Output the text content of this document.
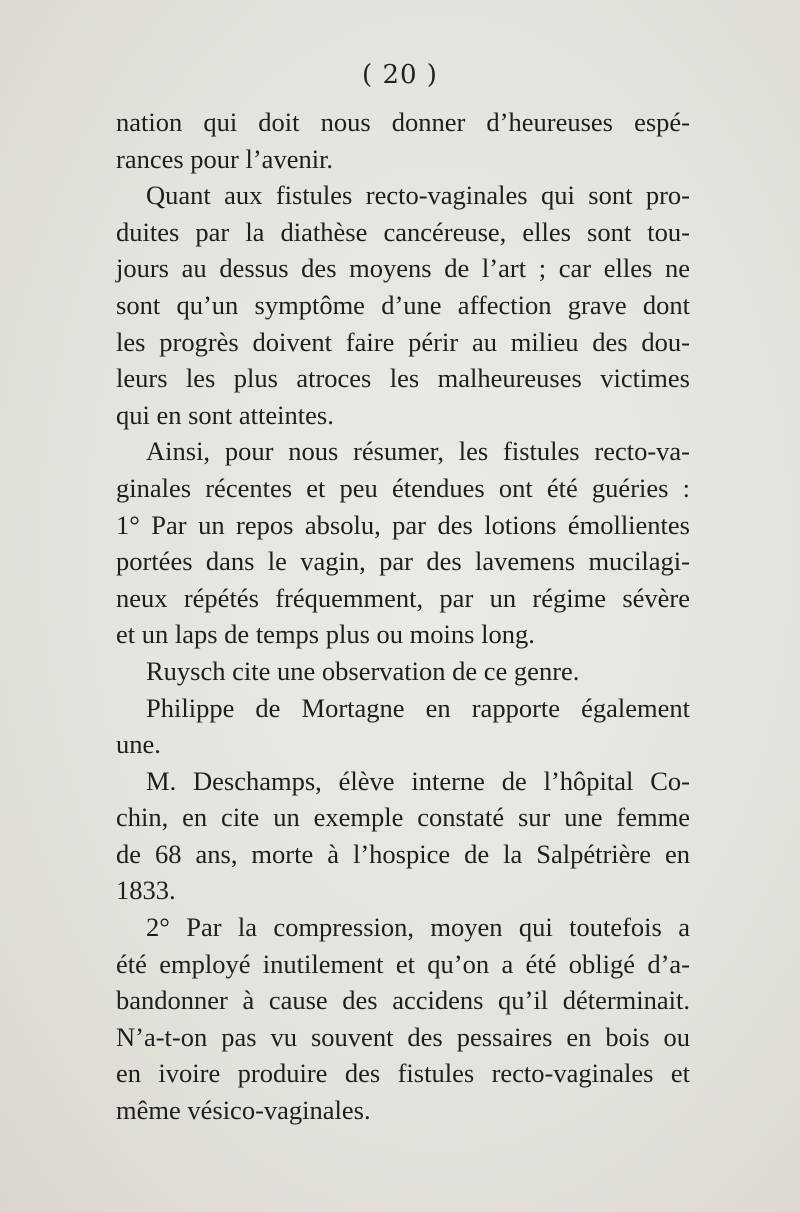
( 20 )
nation qui doit nous donner d’heureuses espé-
rances pour l’avenir.
Quant aux fistules recto-vaginales qui sont pro-
duites par la diathèse cancéreuse, elles sont tou-
jours au dessus des moyens de l’art ; car elles ne
sont qu’un symptôme d’une affection grave dont
les progrès doivent faire périr au milieu des dou-
leurs les plus atroces les malheureuses victimes
qui en sont atteintes.
Ainsi, pour nous résumer, les fistules recto-va-
ginales récentes et peu étendues ont été guéries :
1° Par un repos absolu, par des lotions émollientes
portées dans le vagin, par des lavemens mucilagi-
neux répétés fréquemment, par un régime sévère
et un laps de temps plus ou moins long.
Ruysch cite une observation de ce genre.
Philippe de Mortagne en rapporte également
une.
M. Deschamps, élève interne de l’hôpital Co-
chin, en cite un exemple constaté sur une femme
de 68 ans, morte à l’hospice de la Salpétrière en
1833.
2° Par la compression, moyen qui toutefois a
été employé inutilement et qu’on a été obligé d’a-
bandonner à cause des accidens qu’il déterminait.
N’a-t-on pas vu souvent des pessaires en bois ou
en ivoire produire des fistules recto-vaginales et
même vésico-vaginales.
